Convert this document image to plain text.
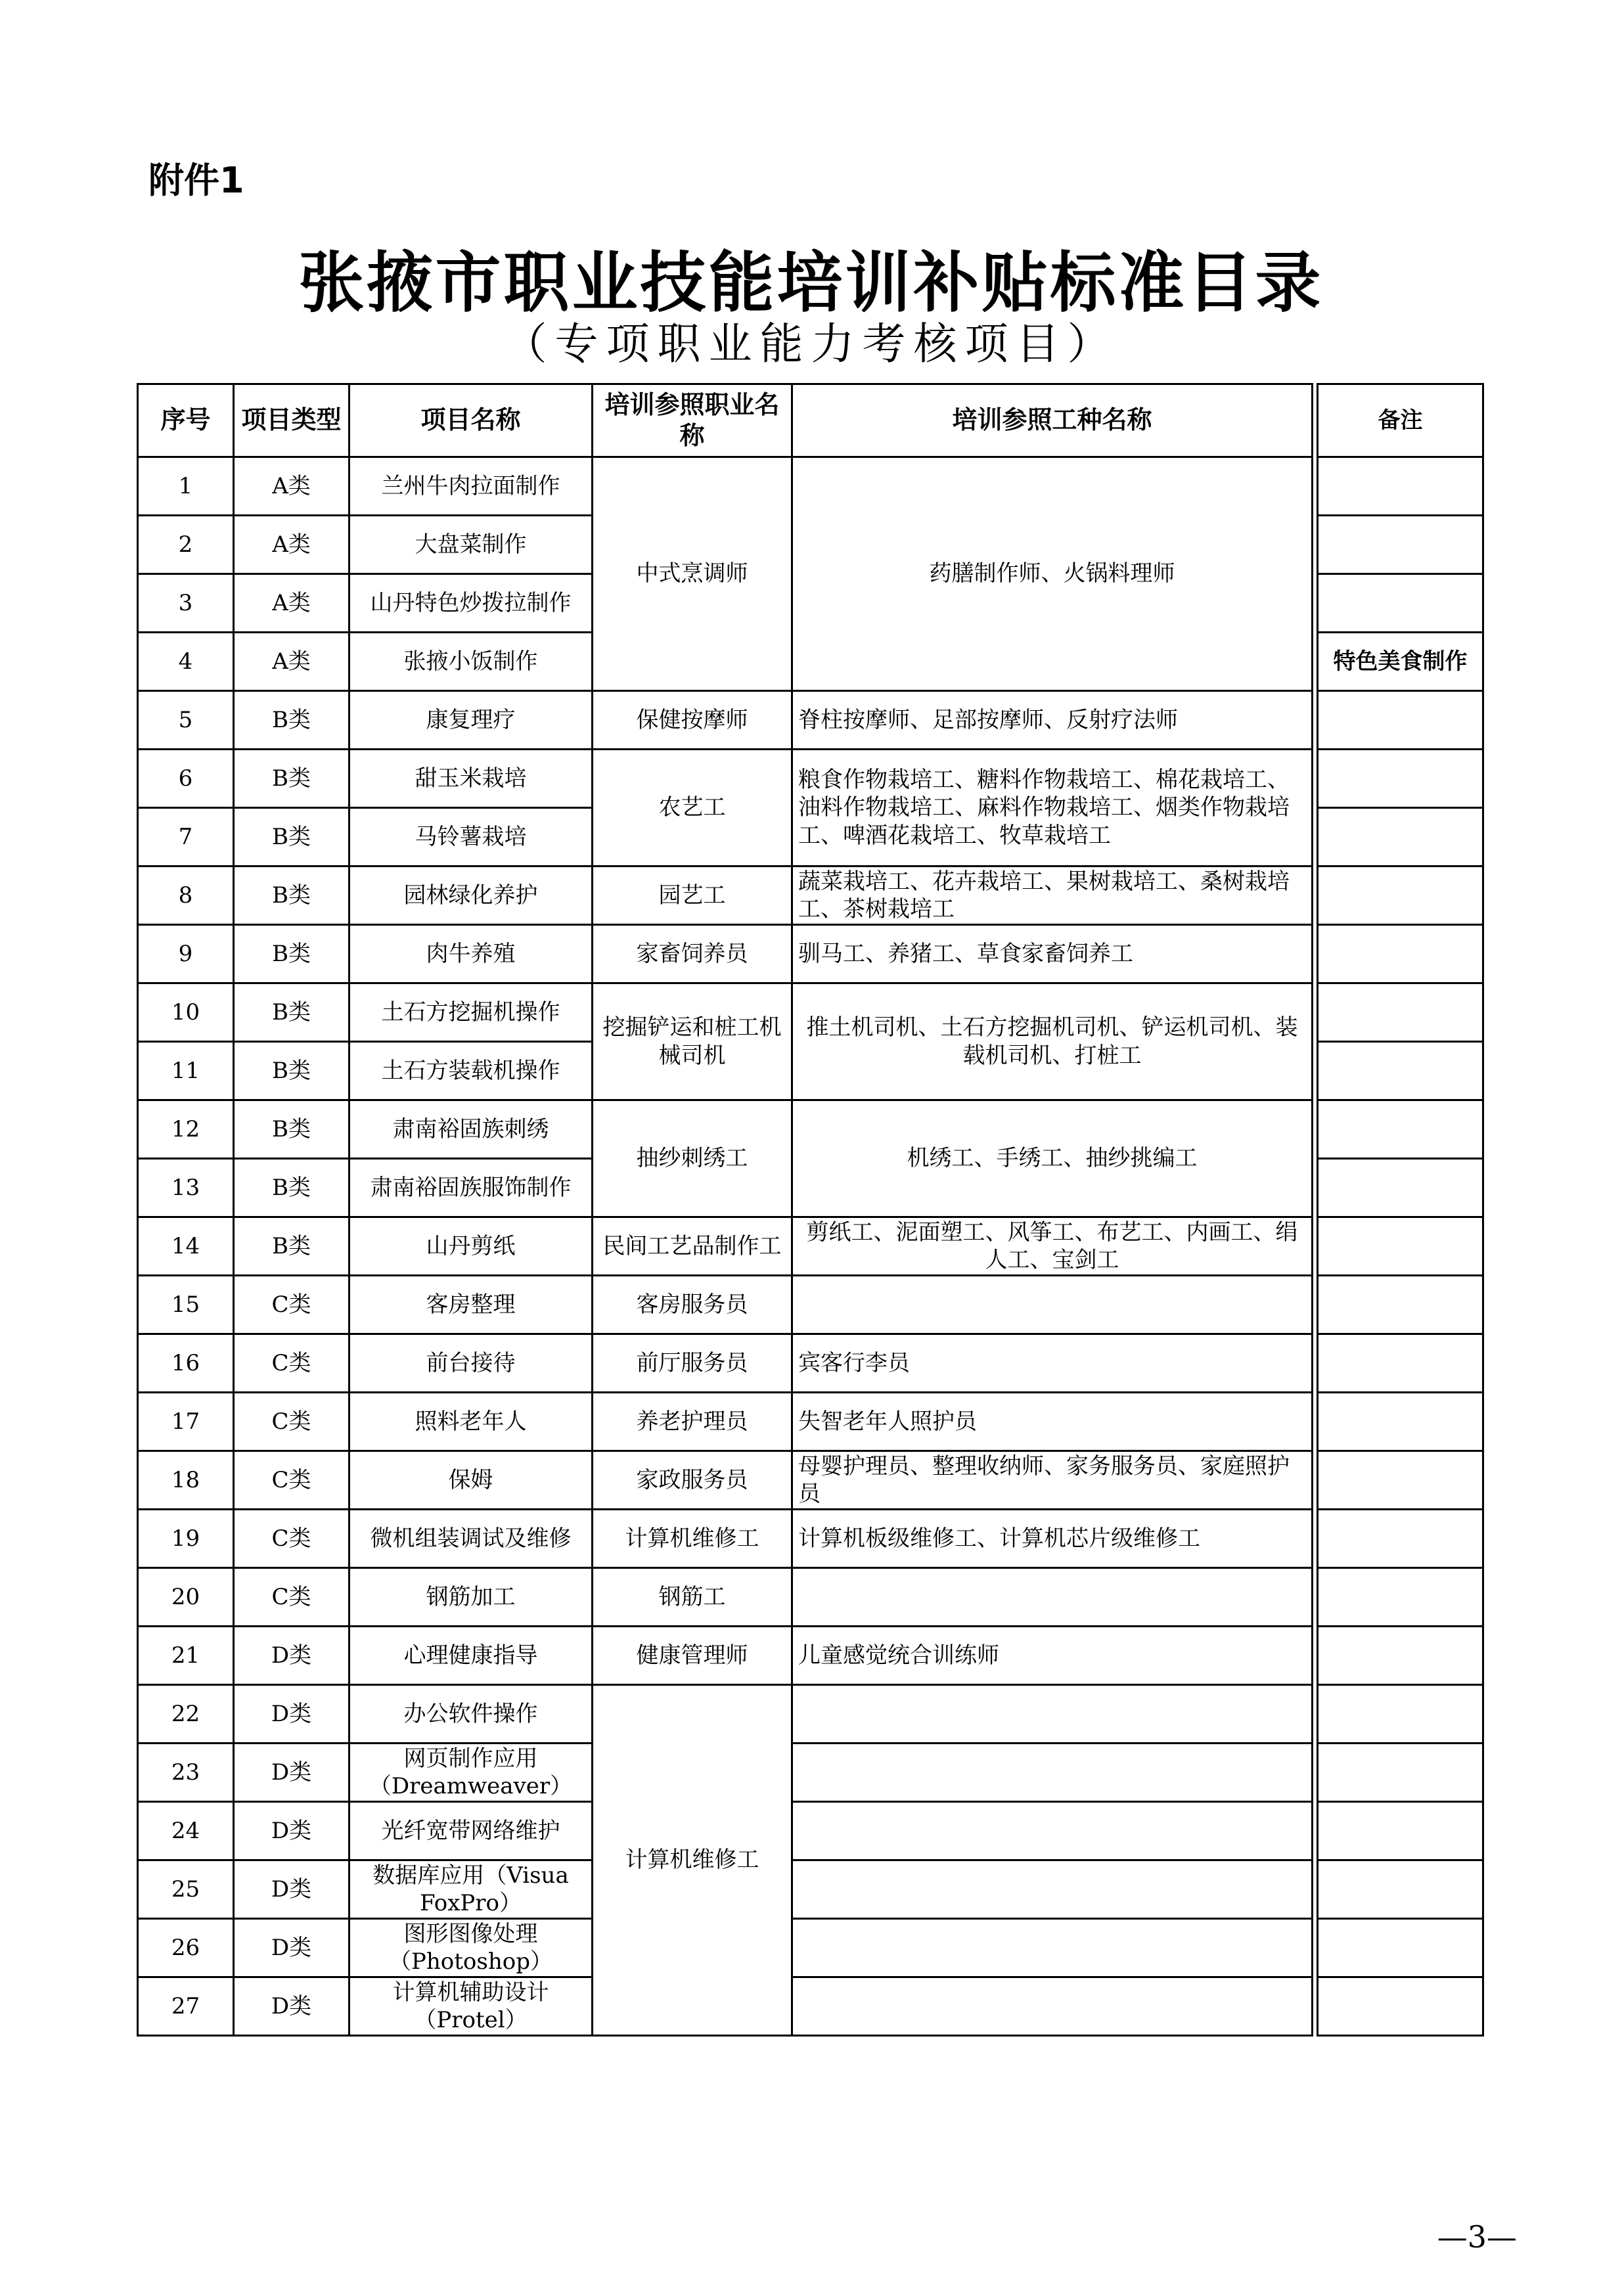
附件1
张掖市职业技能培训补贴标准目录
（专项职业能力考核项目）
序号	项目类型	项目名称	培训参照职业名称	培训参照工种名称		备注
1	A类	兰州牛肉拉面制作	中式烹调师	药膳制作师、火锅料理师		
2	A类	大盘菜制作				
3	A类	山丹特色炒拨拉制作				
4	A类	张掖小饭制作				特色美食制作
5	B类	康复理疗	保健按摩师	脊柱按摩师、足部按摩师、反射疗法师		
6	B类	甜玉米栽培	农艺工	粮食作物栽培工、糖料作物栽培工、棉花栽培工、油料作物栽培工、麻料作物栽培工、烟类作物栽培工、啤酒花栽培工、牧草栽培工		
7	B类	马铃薯栽培				
8	B类	园林绿化养护	园艺工	蔬菜栽培工、花卉栽培工、果树栽培工、桑树栽培工、茶树栽培工		
9	B类	肉牛养殖	家畜饲养员	驯马工、养猪工、草食家畜饲养工		
10	B类	土石方挖掘机操作	挖掘铲运和桩工机械司机	推土机司机、土石方挖掘机司机、铲运机司机、装载机司机、打桩工		
11	B类	土石方装载机操作				
12	B类	肃南裕固族刺绣	抽纱刺绣工	机绣工、手绣工、抽纱挑编工		
13	B类	肃南裕固族服饰制作				
14	B类	山丹剪纸	民间工艺品制作工	剪纸工、泥面塑工、风筝工、布艺工、内画工、绢人工、宝剑工		
15	C类	客房整理	客房服务员			
16	C类	前台接待	前厅服务员	宾客行李员		
17	C类	照料老年人	养老护理员	失智老年人照护员		
18	C类	保姆	家政服务员	母婴护理员、整理收纳师、家务服务员、家庭照护员		
19	C类	微机组装调试及维修	计算机维修工	计算机板级维修工、计算机芯片级维修工		
20	C类	钢筋加工	钢筋工			
21	D类	心理健康指导	健康管理师	儿童感觉统合训练师		
22	D类	办公软件操作	计算机维修工			
23	D类	网页制作应用（Dreamweaver）				
24	D类	光纤宽带网络维护				
25	D类	数据库应用（Visua FoxPro）				
26	D类	图形图像处理（Photoshop）				
27	D类	计算机辅助设计（Protel）				
—3—
